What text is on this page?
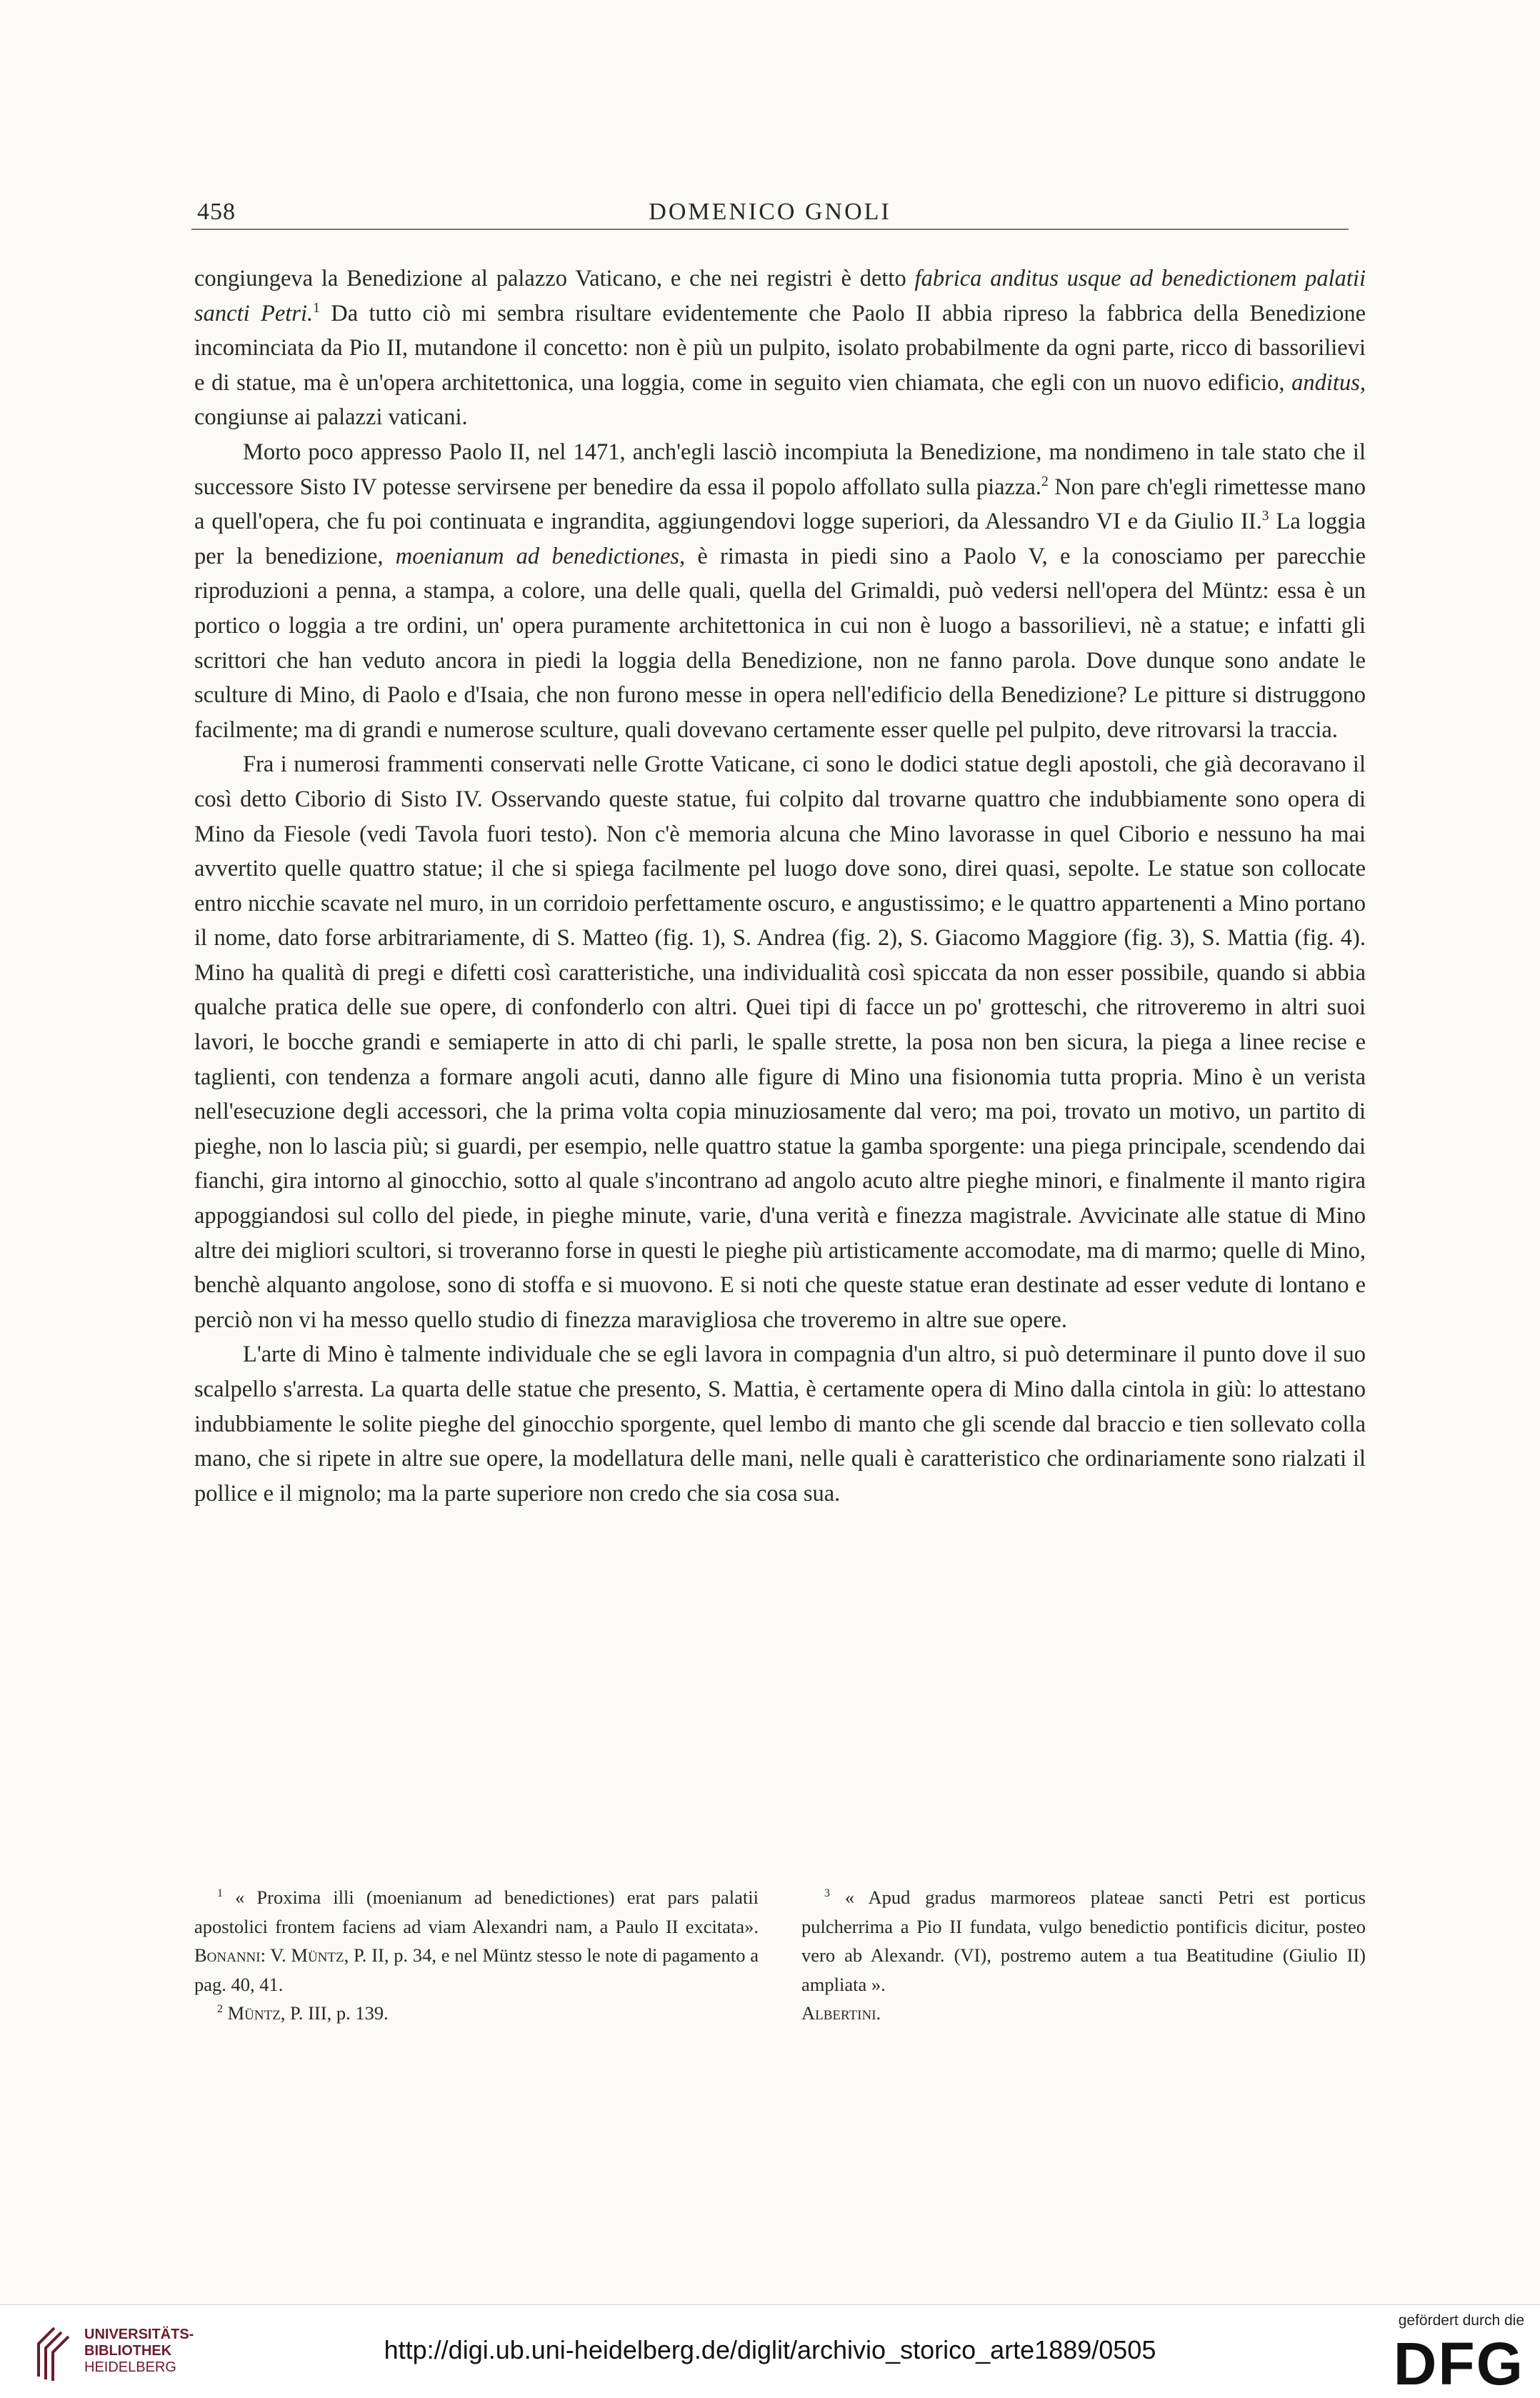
458	DOMENICO GNOLI

congiungeva la Benedizione al palazzo Vaticano, e che nei registri è detto fabrica anditus usque ad benedictionem palatii sancti Petri.$^1$ Da tutto ciò mi sembra risultare evidentemente che Paolo II abbia ripreso la fabbrica della Benedizione incominciata da Pio II, mutandone il concetto: non è più un pulpito, isolato probabilmente da ogni parte, ricco di bassorilievi e di statue, ma è un'opera architettonica, una loggia, come in seguito vien chiamata, che egli con un nuovo edificio, anditus, congiunse ai palazzi vaticani.

Morto poco appresso Paolo II, nel 1471, anch'egli lasciò incompiuta la Benedizione, ma nondimeno in tale stato che il successore Sisto IV potesse servirsene per benedire da essa il popolo affollato sulla piazza.$^2$ Non pare ch'egli rimettesse mano a quell'opera, che fu poi continuata e ingrandita, aggiungendovi logge superiori, da Alessandro VI e da Giulio II.$^3$ La loggia per la benedizione, moenianum ad benedictiones, è rimasta in piedi sino a Paolo V, e la conosciamo per parecchie riproduzioni a penna, a stampa, a colore, una delle quali, quella del Grimaldi, può vedersi nell'opera del Müntz: essa è un portico o loggia a tre ordini, un' opera puramente architettonica in cui non è luogo a bassorilievi, nè a statue; e infatti gli scrittori che han veduto ancora in piedi la loggia della Benedizione, non ne fanno parola. Dove dunque sono andate le sculture di Mino, di Paolo e d'Isaia, che non furono messe in opera nell'edificio della Benedizione? Le pitture si distruggono facilmente; ma di grandi e numerose sculture, quali dovevano certamente esser quelle pel pulpito, deve ritrovarsi la traccia.

Fra i numerosi frammenti conservati nelle Grotte Vaticane, ci sono le dodici statue degli apostoli, che già decoravano il così detto Ciborio di Sisto IV. Osservando queste statue, fui colpito dal trovarne quattro che indubbiamente sono opera di Mino da Fiesole (vedi Tavola fuori testo). Non c'è memoria alcuna che Mino lavorasse in quel Ciborio e nessuno ha mai avvertito quelle quattro statue; il che si spiega facilmente pel luogo dove sono, direi quasi, sepolte. Le statue son collocate entro nicchie scavate nel muro, in un corridoio perfettamente oscuro, e angustissimo; e le quattro appartenenti a Mino portano il nome, dato forse arbitrariamente, di S. Matteo (fig. 1), S. Andrea (fig. 2), S. Giacomo Maggiore (fig. 3), S. Mattia (fig. 4). Mino ha qualità di pregi e difetti così caratteristiche, una individualità così spiccata da non esser possibile, quando si abbia qualche pratica delle sue opere, di confonderlo con altri. Quei tipi di facce un po' grotteschi, che ritroveremo in altri suoi lavori, le bocche grandi e semiaperte in atto di chi parli, le spalle strette, la posa non ben sicura, la piega a linee recise e taglienti, con tendenza a formare angoli acuti, danno alle figure di Mino una fisionomia tutta propria. Mino è un verista nell'esecuzione degli accessori, che la prima volta copia minuziosamente dal vero; ma poi, trovato un motivo, un partito di pieghe, non lo lascia più; si guardi, per esempio, nelle quattro statue la gamba sporgente: una piega principale, scendendo dai fianchi, gira intorno al ginocchio, sotto al quale s'incontrano ad angolo acuto altre pieghe minori, e finalmente il manto rigira appoggiandosi sul collo del piede, in pieghe minute, varie, d'una verità e finezza magistrale. Avvicinate alle statue di Mino altre dei migliori scultori, si troveranno forse in questi le pieghe più artisticamente accomodate, ma di marmo; quelle di Mino, benchè alquanto angolose, sono di stoffa e si muovono. E si noti che queste statue eran destinate ad esser vedute di lontano e perciò non vi ha messo quello studio di finezza maravigliosa che troveremo in altre sue opere.

L'arte di Mino è talmente individuale che se egli lavora in compagnia d'un altro, si può determinare il punto dove il suo scalpello s'arresta. La quarta delle statue che presento, S. Mattia, è certamente opera di Mino dalla cintola in giù: lo attestano indubbiamente le solite pieghe del ginocchio sporgente, quel lembo di manto che gli scende dal braccio e tien sollevato colla mano, che si ripete in altre sue opere, la modellatura delle mani, nelle quali è caratteristico che ordinariamente sono rialzati il pollice e il mignolo; ma la parte superiore non credo che sia cosa sua.

$^1$ « Proxima illi (moenianum ad benedictiones) erat pars palatii apostolici frontem faciens ad viam Alexandri nam, a Paulo II excitata». Bonanni: V. Müntz, P. II, p. 34, e nel Müntz stesso le note di pagamento a pag. 40, 41.

$^2$ Müntz, P. III, p. 139.

$^3$ « Apud gradus marmoreos plateae sancti Petri est porticus pulcherrima a Pio II fundata, vulgo benedictio pontificis dicitur, posteo vero ab Alexandr. (VI), postremo autem a tua Beatitudine (Giulio II) ampliata ».

Albertini.

UNIVERSITÄTS-
BIBLIOTHEK
HEIDELBERG
http://digi.ub.uni-heidelberg.de/diglit/archivio_storico_arte1889/0505
gefördert durch die
DFG
